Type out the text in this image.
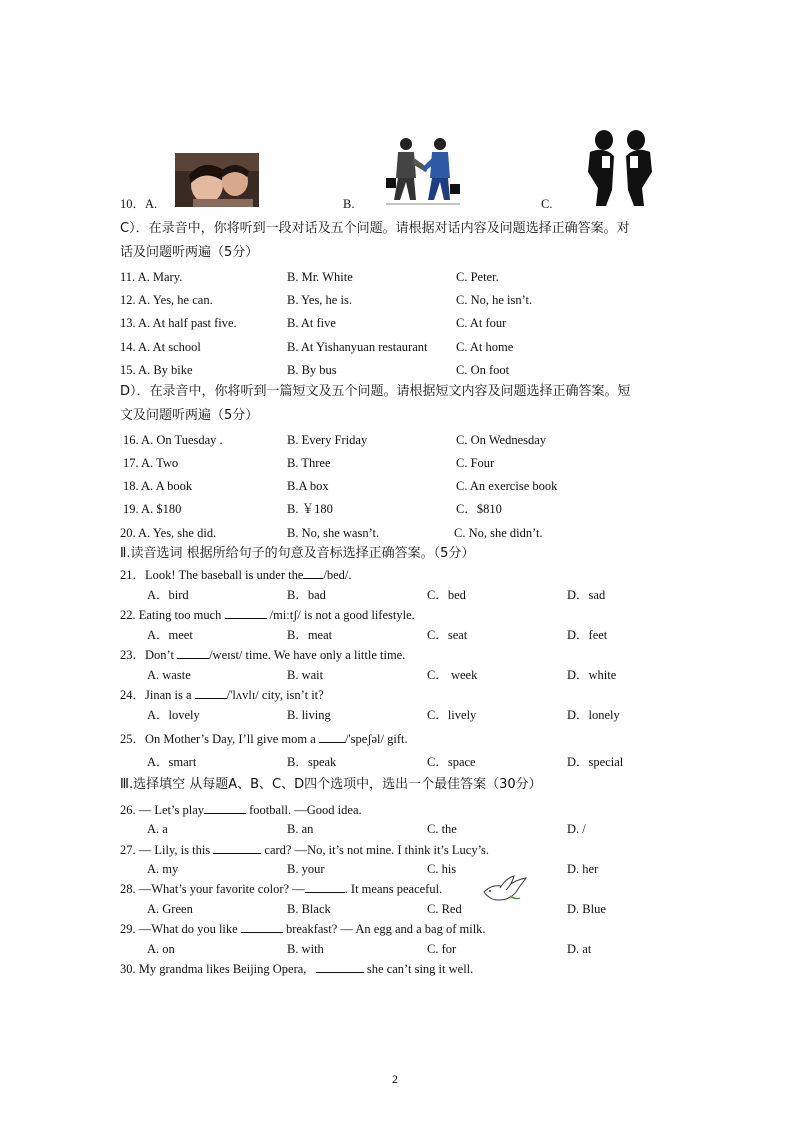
10．A.	B.	C.
C）．在录音中，你将听到一段对话及五个问题。请根据对话内容及问题选择正确答案。对
话及问题听两遍（5分）
11. A. Mary.	B. Mr. White	C. Peter.
12. A. Yes, he can.	B. Yes, he is.	C. No, he isn’t.
13. A. At half past five.	B. At five	C. At four
14. A. At school	B. At Yishanyuan restaurant C. At home
15. A. By bike	B. By bus	C. On foot
D）．在录音中，你将听到一篇短文及五个问题。请根据短文内容及问题选择正确答案。短
文及问题听两遍（5分）
16. A. On Tuesday .	B. Every Friday	C. On Wednesday
17. A. Two	B. Three	C. Four
18. A. A book	B.A box	C. An exercise book
19. A. $180	B. ￥180	C．$810
20. A. Yes, she did.	B. No, she wasn’t.	C. No, she didn’t.
Ⅱ.读音选词 根据所给句子的句意及音标选择正确答案。（5分）
21．Look! The baseball is under the /bed/.
A．bird	B．bad	C．bed	D．sad
22. Eating too much	/miːtʃ/ is not a good lifestyle.
A．meet	B．meat	C．seat	D．feet
23．Don’t	/weɪst/ time. We have only a little time.
A. waste	B. wait	C． week	D．white
24．Jinan is a	/'lʌvlɪ/ city, isn’t it?
A．lovely	B. living	C．lively	D．lonely
25．On Mother’s Day, I’ll give mom a /'speʃəl/ gift.
A．smart	B．speak	C．space	D．special
Ⅲ.选择填空 从每题A、B、C、D四个选项中，选出一个最佳答案（30分）
26. — Let’s play	football. —Good idea.
A. a	B. an	C. the	D. /
27. — Lily, is this	card? —No, it’s not mine. I think it’s Lucy’s.
A. my	B. your	C. his	D. her
28. —What’s your favorite color? —	. It means peaceful.
A. Green	B. Black	C. Red	D. Blue
29. —What do you like	breakfast? — An egg and a bag of milk.
A. on	B. with	C. for	D. at
30. My grandma likes Beijing Opera,	she can’t sing it well.
2
